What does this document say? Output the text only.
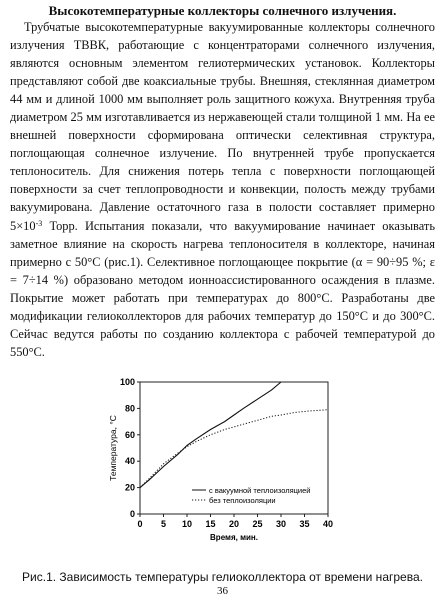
Высокотемпературные коллекторы солнечного излучения.

Трубчатые высокотемпературные вакуумированные коллекторы солнечного излучения ТВВК, работающие с концентраторами солнечного излучения, являются основным элементом гелиотермических установок. Коллекторы представляют собой две коаксиальные трубы. Внешняя, стеклянная диаметром 44 мм и длиной 1000 мм выполняет роль защитного кожуха. Внутренняя труба диаметром 25 мм изготавливается из нержавеющей стали толщиной 1 мм. На ее внешней поверхности сформирована оптически селективная структура, поглощающая солнечное излучение. По внутренней трубе пропускается теплоноситель. Для снижения потерь тепла с поверхности поглощающей поверхности за счет теплопроводности и конвекции, полость между трубами вакуумирована. Давление остаточного газа в полости составляет примерно $5\times 10^{-3}$ Торр. Испытания показали, что вакуумирование начинает оказывать заметное влияние на скорость нагрева теплоносителя в коллекторе, начиная примерно с 50°С (рис.1). Селективное поглощающее покрытие (α = 90÷95 %; ε = 7÷14 %) образовано методом ионноассистированного осаждения в плазме. Покрытие может работать при температурах до 800°С. Разработаны две модификации гелиоколлекторов для рабочих температур до 150°С и до 300°С. Сейчас ведутся работы по созданию коллектора с рабочей температурой до 550°С.

0 5 10 15 20 25 30 35 40
0
20
40
60
80
100
Время, мин.
Температура, °С
с вакуумной теплоизоляцией
без теплоизоляции
Рис.1. Зависимость температуры гелиоколлектора от времени нагрева.
36
